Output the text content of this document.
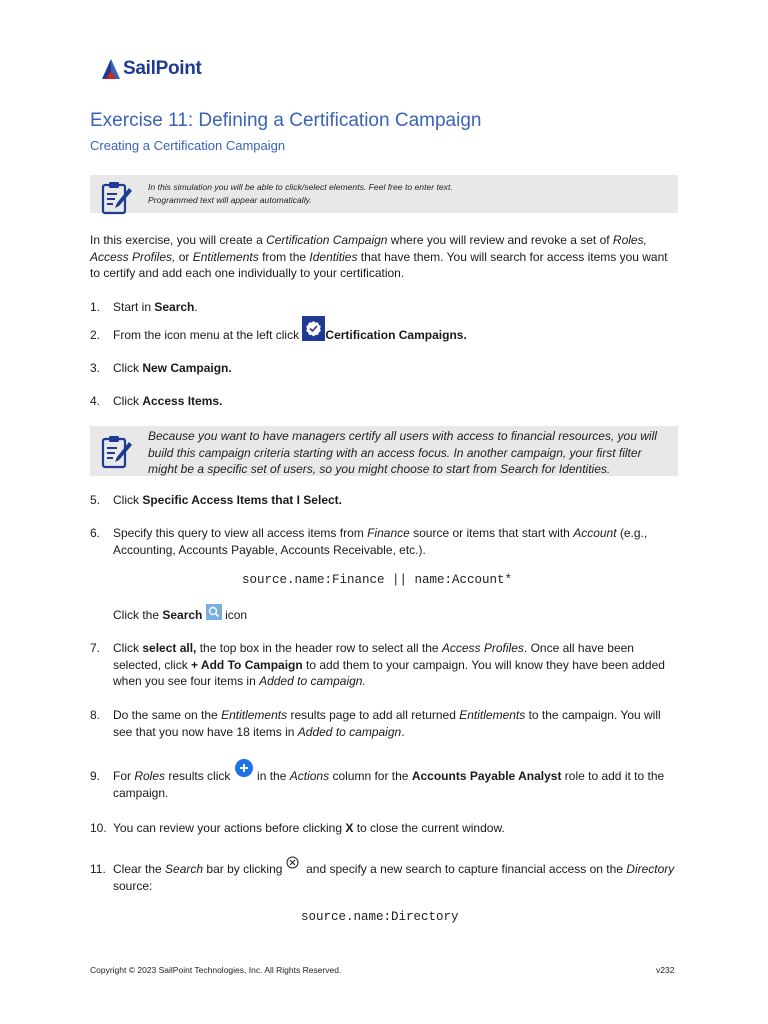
SailPoint
Exercise 11: Defining a Certification Campaign
Creating a Certification Campaign
In this simulation you will be able to click/select elements. Feel free to enter text.
Programmed text will appear automatically.
In this exercise, you will create a Certification Campaign where you will review and revoke a set of Roles, Access Profiles, or Entitlements from the Identities that have them. You will search for access items you want to certify and add each one individually to your certification.
1.	Start in Search.
2.	From the icon menu at the left click Certification Campaigns.
3.	Click New Campaign.
4.	Click Access Items.
Because you want to have managers certify all users with access to financial resources, you will build this campaign criteria starting with an access focus. In another campaign, your first filter might be a specific set of users, so you might choose to start from Search for Identities.
5.	Click Specific Access Items that I Select.
6.	Specify this query to view all access items from Finance source or items that start with Account (e.g., Accounting, Accounts Payable, Accounts Receivable, etc.).
source.name:Finance || name:Account*
Click the Search  icon
7.	Click select all, the top box in the header row to select all the Access Profiles. Once all have been selected, click + Add To Campaign to add them to your campaign. You will know they have been added when you see four items in Added to campaign.
8.	Do the same on the Entitlements results page to add all returned Entitlements to the campaign. You will see that you now have 18 items in Added to campaign.
9.	For Roles results click  in the Actions column for the Accounts Payable Analyst role to add it to the campaign.
10. You can review your actions before clicking X to close the current window.
11. Clear the Search bar by clicking  and specify a new search to capture financial access on the Directory source:
source.name:Directory
Copyright © 2023 SailPoint Technologies, Inc. All Rights Reserved.	v232
